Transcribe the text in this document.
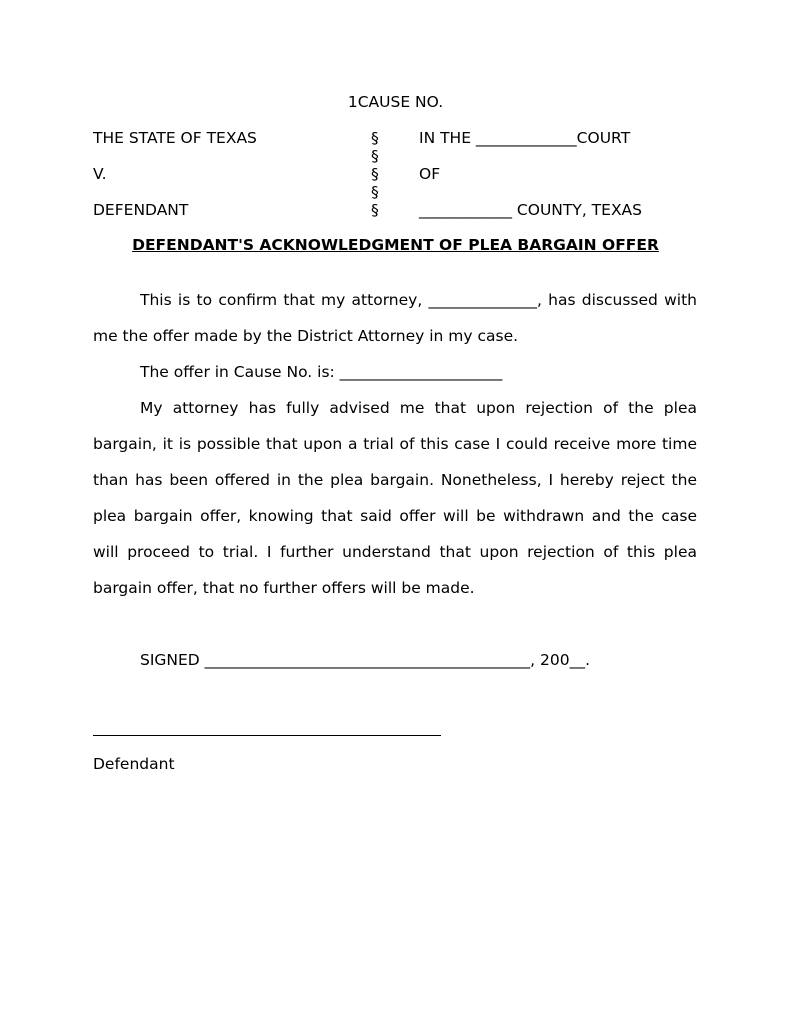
1CAUSE NO.
THE STATE OF TEXAS	§	IN THE _____________COURT
§
V.	§	OF
§
DEFENDANT	§	____________ COUNTY, TEXAS
DEFENDANT'S ACKNOWLEDGMENT OF PLEA BARGAIN OFFER
This is to confirm that my attorney, ______________, has discussed with
me the offer made by the District Attorney in my case.
The offer in Cause No. is: _____________________
My attorney has fully advised me that upon rejection of the plea
bargain, it is possible that upon a trial of this case I could receive more time
than has been offered in the plea bargain. Nonetheless, I hereby reject the
plea bargain offer, knowing that said offer will be withdrawn and the case
will proceed to trial. I further understand that upon rejection of this plea
bargain offer, that no further offers will be made.
SIGNED __________________________________________, 200__.
Defendant
